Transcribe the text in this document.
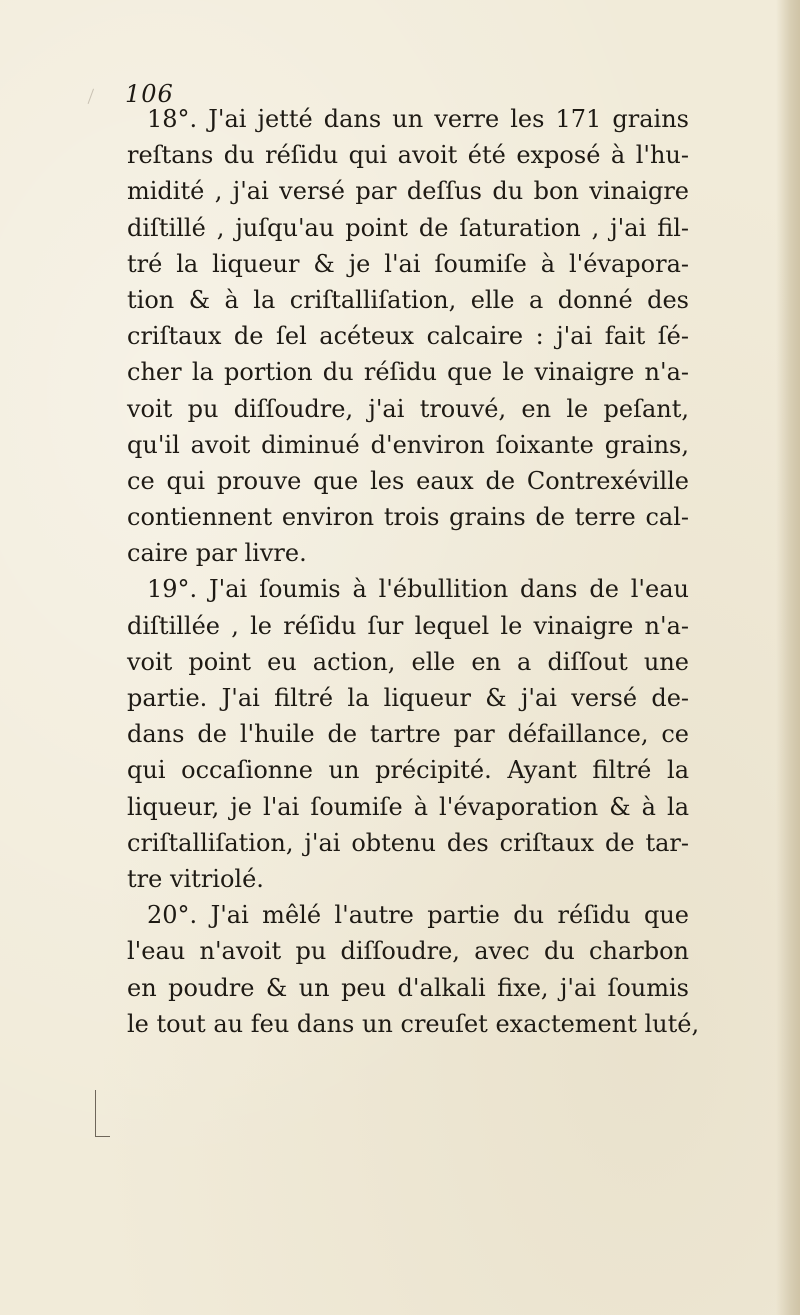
106
18°. J'ai jetté dans un verre les 171 grains
reſtans du réſidu qui avoit été exposé à l'hu-
midité , j'ai versé par deſſus du bon vinaigre
diſtillé , juſqu'au point de ſaturation , j'ai fil-
tré la liqueur & je l'ai ſoumiſe à l'évapora-
tion & à la criſtalliſation, elle a donné des
criſtaux de ſel acéteux calcaire : j'ai fait ſé-
cher la portion du réſidu que le vinaigre n'a-
voit pu diſſoudre, j'ai trouvé, en le peſant,
qu'il avoit diminué d'environ ſoixante grains,
ce qui prouve que les eaux de Contrexéville
contiennent environ trois grains de terre cal-
caire par livre.
19°. J'ai ſoumis à l'ébullition dans de l'eau
diſtillée , le réſidu ſur lequel le vinaigre n'a-
voit point eu action, elle en a diſſout une
partie. J'ai filtré la liqueur & j'ai versé de-
dans de l'huile de tartre par défaillance, ce
qui occaſionne un précipité. Ayant filtré la
liqueur, je l'ai ſoumiſe à l'évaporation & à la
criſtalliſation, j'ai obtenu des criſtaux de tar-
tre vitriolé.
20°. J'ai mêlé l'autre partie du réſidu que
l'eau n'avoit pu diſſoudre, avec du charbon
en poudre & un peu d'alkali fixe, j'ai ſoumis
le tout au feu dans un creuſet exactement luté,
